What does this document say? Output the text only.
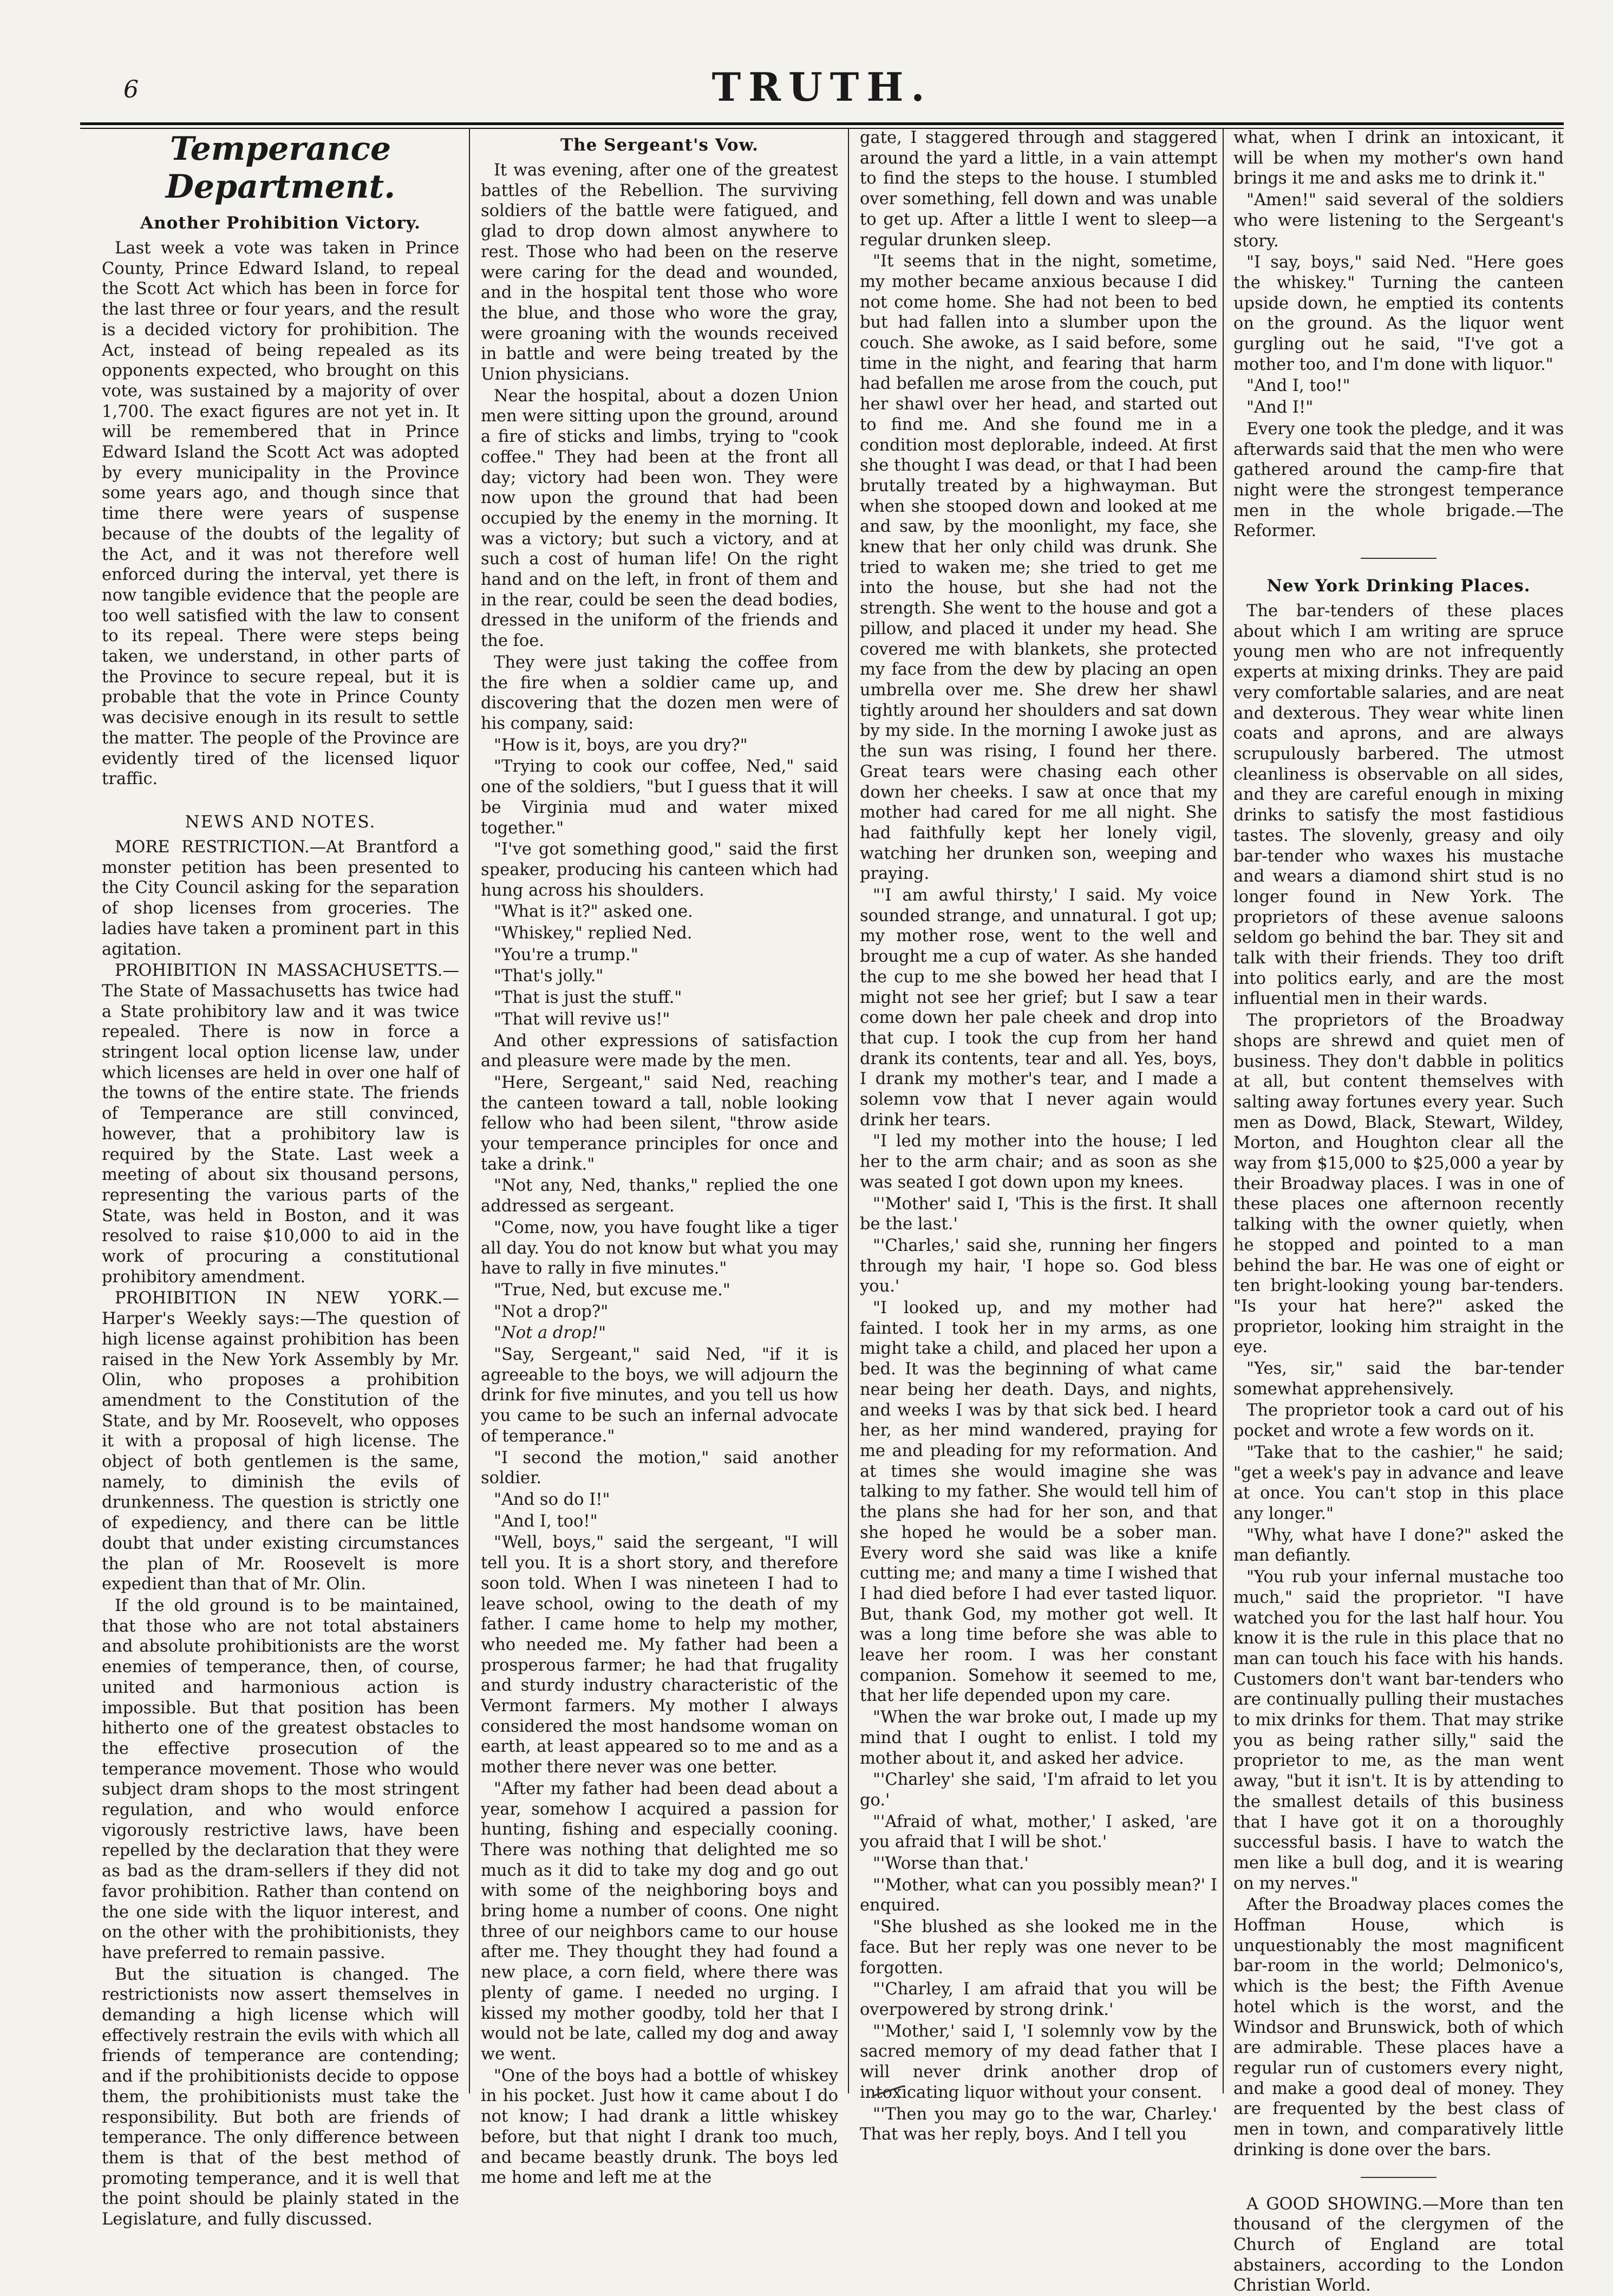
6	TRUTH.
Temperance Department.
Another Prohibition Victory.

Last week a vote was taken in Prince County, Prince Edward Island, to repeal the Scott Act which has been in force for the last three or four years, and the result is a decided victory for prohibition. The Act, instead of being repealed as its opponents expected, who brought on this vote, was sustained by a majority of over 1,700. The exact figures are not yet in. It will be remembered that in Prince Edward Island the Scott Act was adopted by every municipality in the Province some years ago, and though since that time there were years of suspense because of the doubts of the legality of the Act, and it was not therefore well enforced during the interval, yet there is now tangible evidence that the people are too well satisfied with the law to consent to its repeal. There were steps being taken, we understand, in other parts of the Province to secure repeal, but it is probable that the vote in Prince County was decisive enough in its result to settle the matter. The people of the Province are evidently tired of the licensed liquor traffic.

NEWS AND NOTES.

MORE RESTRICTION.—At Brantford a monster petition has been presented to the City Council asking for the separation of shop licenses from groceries. The ladies have taken a prominent part in this agitation.

PROHIBITION IN MASSACHUSETTS.—The State of Massachusetts has twice had a State prohibitory law and it was twice repealed. There is now in force a stringent local option license law, under which licenses are held in over one half of the towns of the entire state. The friends of Temperance are still convinced, however, that a prohibitory law is required by the State. Last week a meeting of about six thousand persons, representing the various parts of the State, was held in Boston, and it was resolved to raise $10,000 to aid in the work of procuring a constitutional prohibitory amendment.

PROHIBITION IN NEW YORK.—Harper's Weekly says:—The question of high license against prohibition has been raised in the New York Assembly by Mr. Olin, who proposes a prohibition amendment to the Constitution of the State, and by Mr. Roosevelt, who opposes it with a proposal of high license. The object of both gentlemen is the same, namely, to diminish the evils of drunkenness. The question is strictly one of expediency, and there can be little doubt that under existing circumstances the plan of Mr. Roosevelt is more expedient than that of Mr. Olin.

If the old ground is to be maintained, that those who are not total abstainers and absolute prohibitionists are the worst enemies of temperance, then, of course, united and harmonious action is impossible. But that position has been hitherto one of the greatest obstacles to the effective prosecution of the temperance movement. Those who would subject dram shops to the most stringent regulation, and who would enforce vigorously restrictive laws, have been repelled by the declaration that they were as bad as the dram-sellers if they did not favor prohibition. Rather than contend on the one side with the liquor interest, and on the other with the prohibitionists, they have preferred to remain passive.

But the situation is changed. The restrictionists now assert themselves in demanding a high license which will effectively restrain the evils with which all friends of temperance are contending; and if the prohibitionists decide to oppose them, the prohibitionists must take the responsibility. But both are friends of temperance. The only difference between them is that of the best method of promoting temperance, and it is well that the point should be plainly stated in the Legislature, and fully discussed.

The Sergeant's Vow.

It was evening, after one of the greatest battles of the Rebellion. The surviving soldiers of the battle were fatigued, and glad to drop down almost anywhere to rest. Those who had been on the reserve were caring for the dead and wounded, and in the hospital tent those who wore the blue, and those who wore the gray, were groaning with the wounds received in battle and were being treated by the Union physicians.

Near the hospital, about a dozen Union men were sitting upon the ground, around a fire of sticks and limbs, trying to "cook coffee." They had been at the front all day; victory had been won. They were now upon the ground that had been occupied by the enemy in the morning. It was a victory; but such a victory, and at such a cost of human life! On the right hand and on the left, in front of them and in the rear, could be seen the dead bodies, dressed in the uniform of the friends and the foe.

They were just taking the coffee from the fire when a soldier came up, and discovering that the dozen men were of his company, said:

"How is it, boys, are you dry?"

"Trying to cook our coffee, Ned," said one of the soldiers, "but I guess that it will be Virginia mud and water mixed together."

"I've got something good," said the first speaker, producing his canteen which had hung across his shoulders.

"What is it?" asked one.

"Whiskey," replied Ned.

"You're a trump."

"That's jolly."

"That is just the stuff."

"That will revive us!"

And other expressions of satisfaction and pleasure were made by the men.

"Here, Sergeant," said Ned, reaching the canteen toward a tall, noble looking fellow who had been silent, "throw aside your temperance principles for once and take a drink."

"Not any, Ned, thanks," replied the one addressed as sergeant.

"Come, now, you have fought like a tiger all day. You do not know but what you may have to rally in five minutes."

"True, Ned, but excuse me."

"Not a drop?"

"Not a drop!"

"Say, Sergeant," said Ned, "if it is agreeable to the boys, we will adjourn the drink for five minutes, and you tell us how you came to be such an infernal advocate of temperance."

"I second the motion," said another soldier.

"And so do I!"

"And I, too!"

"Well, boys," said the sergeant, "I will tell you. It is a short story, and therefore soon told. When I was nineteen I had to leave school, owing to the death of my father. I came home to help my mother, who needed me. My father had been a prosperous farmer; he had that frugality and sturdy industry characteristic of the Vermont farmers. My mother I always considered the most handsome woman on earth, at least appeared so to me and as a mother there never was one better.

"After my father had been dead about a year, somehow I acquired a passion for hunting, fishing and especially cooning. There was nothing that delighted me so much as it did to take my dog and go out with some of the neighboring boys and bring home a number of coons. One night three of our neighbors came to our house after me. They thought they had found a new place, a corn field, where there was plenty of game. I needed no urging. I kissed my mother goodby, told her that I would not be late, called my dog and away we went.

"One of the boys had a bottle of whiskey in his pocket. Just how it came about I do not know; I had drank a little whiskey before, but that night I drank too much, and became beastly drunk. The boys led me home and left me at the

gate, I staggered through and staggered around the yard a little, in a vain attempt to find the steps to the house. I stumbled over something, fell down and was unable to get up. After a little I went to sleep—a regular drunken sleep.

"It seems that in the night, sometime, my mother became anxious because I did not come home. She had not been to bed but had fallen into a slumber upon the couch. She awoke, as I said before, some time in the night, and fearing that harm had befallen me arose from the couch, put her shawl over her head, and started out to find me. And she found me in a condition most deplorable, indeed. At first she thought I was dead, or that I had been brutally treated by a highwayman. But when she stooped down and looked at me and saw, by the moonlight, my face, she knew that her only child was drunk. She tried to waken me; she tried to get me into the house, but she had not the strength. She went to the house and got a pillow, and placed it under my head. She covered me with blankets, she protected my face from the dew by placing an open umbrella over me. She drew her shawl tightly around her shoulders and sat down by my side. In the morning I awoke just as the sun was rising, I found her there. Great tears were chasing each other down her cheeks. I saw at once that my mother had cared for me all night. She had faithfully kept her lonely vigil, watching her drunken son, weeping and praying.

"'I am awful thirsty,' I said. My voice sounded strange, and unnatural. I got up; my mother rose, went to the well and brought me a cup of water. As she handed the cup to me she bowed her head that I might not see her grief; but I saw a tear come down her pale cheek and drop into that cup. I took the cup from her hand drank its contents, tear and all. Yes, boys, I drank my mother's tear, and I made a solemn vow that I never again would drink her tears.

"I led my mother into the house; I led her to the arm chair; and as soon as she was seated I got down upon my knees.

"'Mother' said I, 'This is the first. It shall be the last.'

"'Charles,' said she, running her fingers through my hair, 'I hope so. God bless you.'

"I looked up, and my mother had fainted. I took her in my arms, as one might take a child, and placed her upon a bed. It was the beginning of what came near being her death. Days, and nights, and weeks I was by that sick bed. I heard her, as her mind wandered, praying for me and pleading for my reformation. And at times she would imagine she was talking to my father. She would tell him of the plans she had for her son, and that she hoped he would be a sober man. Every word she said was like a knife cutting me; and many a time I wished that I had died before I had ever tasted liquor. But, thank God, my mother got well. It was a long time before she was able to leave her room. I was her constant companion. Somehow it seemed to me, that her life depended upon my care.

"When the war broke out, I made up my mind that I ought to enlist. I told my mother about it, and asked her advice.

"'Charley' she said, 'I'm afraid to let you go.'

"'Afraid of what, mother,' I asked, 'are you afraid that I will be shot.'

"'Worse than that.'

"'Mother, what can you possibly mean?' I enquired.

"She blushed as she looked me in the face. But her reply was one never to be forgotten.

"'Charley, I am afraid that you will be overpowered by strong drink.'

"'Mother,' said I, 'I solemnly vow by the sacred memory of my dead father that I will never drink another drop of intoxicating liquor without your consent.

"'Then you may go to the war, Charley.' That was her reply, boys. And I tell you

what, when I drink an intoxicant, it will be when my mother's own hand brings it me and asks me to drink it."

"Amen!" said several of the soldiers who were listening to the Sergeant's story.

"I say, boys," said Ned. "Here goes the whiskey." Turning the canteen upside down, he emptied its contents on the ground. As the liquor went gurgling out he said, "I've got a mother too, and I'm done with liquor."

"And I, too!"

"And I!"

Every one took the pledge, and it was afterwards said that the men who were gathered around the camp-fire that night were the strongest temperance men in the whole brigade.—The Reformer.

New York Drinking Places.

The bar-tenders of these places about which I am writing are spruce young men who are not infrequently experts at mixing drinks. They are paid very comfortable salaries, and are neat and dexterous. They wear white linen coats and aprons, and are always scrupulously barbered. The utmost cleanliness is observable on all sides, and they are careful enough in mixing drinks to satisfy the most fastidious tastes. The slovenly, greasy and oily bar-tender who waxes his mustache and wears a diamond shirt stud is no longer found in New York. The proprietors of these avenue saloons seldom go behind the bar. They sit and talk with their friends. They too drift into politics early, and are the most influential men in their wards.

The proprietors of the Broadway shops are shrewd and quiet men of business. They don't dabble in politics at all, but content themselves with salting away fortunes every year. Such men as Dowd, Black, Stewart, Wildey, Morton, and Houghton clear all the way from $15,000 to $25,000 a year by their Broadway places. I was in one of these places one afternoon recently talking with the owner quietly, when he stopped and pointed to a man behind the bar. He was one of eight or ten bright-looking young bar-tenders. "Is your hat here?" asked the proprietor, looking him straight in the eye.

"Yes, sir," said the bar-tender somewhat apprehensively.

The proprietor took a card out of his pocket and wrote a few words on it.

"Take that to the cashier," he said; "get a week's pay in advance and leave at once. You can't stop in this place any longer."

"Why, what have I done?" asked the man defiantly.

"You rub your infernal mustache too much," said the proprietor. "I have watched you for the last half hour. You know it is the rule in this place that no man can touch his face with his hands. Customers don't want bar-tenders who are continually pulling their mustaches to mix drinks for them. That may strike you as being rather silly," said the proprietor to me, as the man went away, "but it isn't. It is by attending to the smallest details of this business that I have got it on a thoroughly successful basis. I have to watch the men like a bull dog, and it is wearing on my nerves."

After the Broadway places comes the Hoffman House, which is unquestionably the most magnificent bar-room in the world; Delmonico's, which is the best; the Fifth Avenue hotel which is the worst, and the Windsor and Brunswick, both of which are admirable. These places have a regular run of customers every night, and make a good deal of money. They are frequented by the best class of men in town, and comparatively little drinking is done over the bars.

A GOOD SHOWING.—More than ten thousand of the clergymen of the Church of England are total abstainers, according to the London Christian World.
